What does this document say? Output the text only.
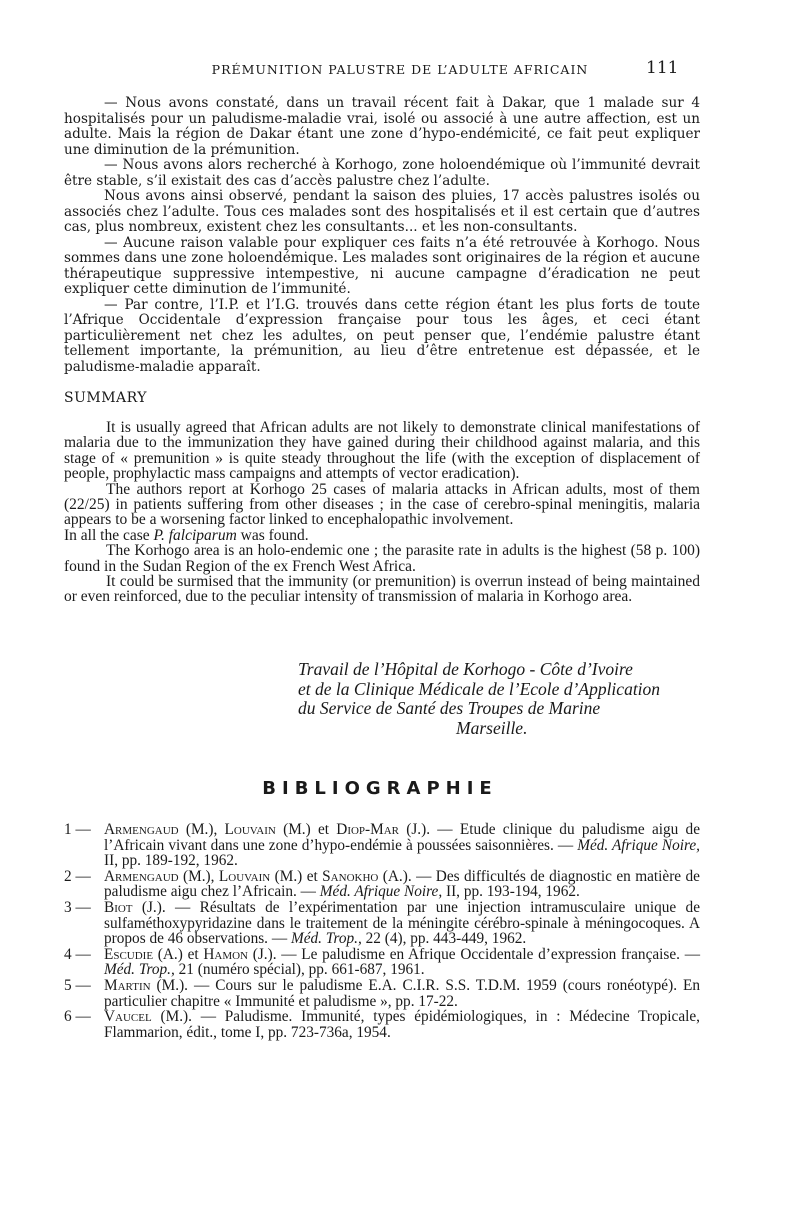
PRÉMUNITION PALUSTRE DE L’ADULTE AFRICAIN	111

— Nous avons constaté, dans un travail récent fait à Dakar, que 1 malade sur 4 hospitalisés pour un paludisme-maladie vrai, isolé ou associé à une autre affection, est un adulte. Mais la région de Dakar étant une zone d’hypo-endémicité, ce fait peut expliquer une diminution de la prémunition.

— Nous avons alors recherché à Korhogo, zone holoendémique où l’immunité devrait être stable, s’il existait des cas d’accès palustre chez l’adulte.

Nous avons ainsi observé, pendant la saison des pluies, 17 accès palustres isolés ou associés chez l’adulte. Tous ces malades sont des hospitalisés et il est certain que d’autres cas, plus nombreux, existent chez les consultants... et les non-consultants.

— Aucune raison valable pour expliquer ces faits n’a été retrouvée à Korhogo. Nous sommes dans une zone holoendémique. Les malades sont originaires de la région et aucune thérapeutique suppressive intempestive, ni aucune campagne d’éradication ne peut expliquer cette diminution de l’immunité.

— Par contre, l’I.P. et l’I.G. trouvés dans cette région étant les plus forts de toute l’Afrique Occidentale d’expression française pour tous les âges, et ceci étant particulièrement net chez les adultes, on peut penser que, l’endémie palustre étant tellement importante, la prémunition, au lieu d’être entretenue est dépassée, et le paludisme-maladie apparaît.

SUMMARY

It is usually agreed that African adults are not likely to demonstrate clinical manifestations of malaria due to the immunization they have gained during their childhood against malaria, and this stage of « premunition » is quite steady throughout the life (with the exception of displacement of people, prophylactic mass campaigns and attempts of vector eradication).

The authors report at Korhogo 25 cases of malaria attacks in African adults, most of them (22/25) in patients suffering from other diseases ; in the case of cerebro-spinal meningitis, malaria appears to be a worsening factor linked to encephalopathic involvement.
In all the case P. falciparum was found.

The Korhogo area is an holo-endemic one ; the parasite rate in adults is the highest (58 p. 100) found in the Sudan Region of the ex French West Africa.

It could be surmised that the immunity (or premunition) is overrun instead of being maintained or even reinforced, due to the peculiar intensity of transmission of malaria in Korhogo area.

Travail de l’Hôpital de Korhogo - Côte d’Ivoire
et de la Clinique Médicale de l’Ecole d’Application
du Service de Santé des Troupes de Marine
Marseille.
BIBLIOGRAPHIE
1 — Armengaud (M.), Louvain (M.) et Diop-Mar (J.). — Etude clinique du paludisme aigu de l’Africain vivant dans une zone d’hypo-endémie à poussées saisonnières. — Méd. Afrique Noire, II, pp. 189-192, 1962.
2 — Armengaud (M.), Louvain (M.) et Sanokho (A.). — Des difficultés de diagnostic en matière de paludisme aigu chez l’Africain. — Méd. Afrique Noire, II, pp. 193-194, 1962.
3 — Biot (J.). — Résultats de l’expérimentation par une injection intramusculaire unique de sulfaméthoxypyridazine dans le traitement de la méningite cérébro-spinale à méningocoques. A propos de 46 observations. — Méd. Trop., 22 (4), pp. 443-449, 1962.
4 — Escudie (A.) et Hamon (J.). — Le paludisme en Afrique Occidentale d’expression française. — Méd. Trop., 21 (numéro spécial), pp. 661-687, 1961.
5 — Martin (M.). — Cours sur le paludisme E.A. C.I.R. S.S. T.D.M. 1959 (cours ronéotypé). En particulier chapitre « Immunité et paludisme », pp. 17-22.
6 — Vaucel (M.). — Paludisme. Immunité, types épidémiologiques, in : Médecine Tropicale, Flammarion, édit., tome I, pp. 723-736a, 1954.
